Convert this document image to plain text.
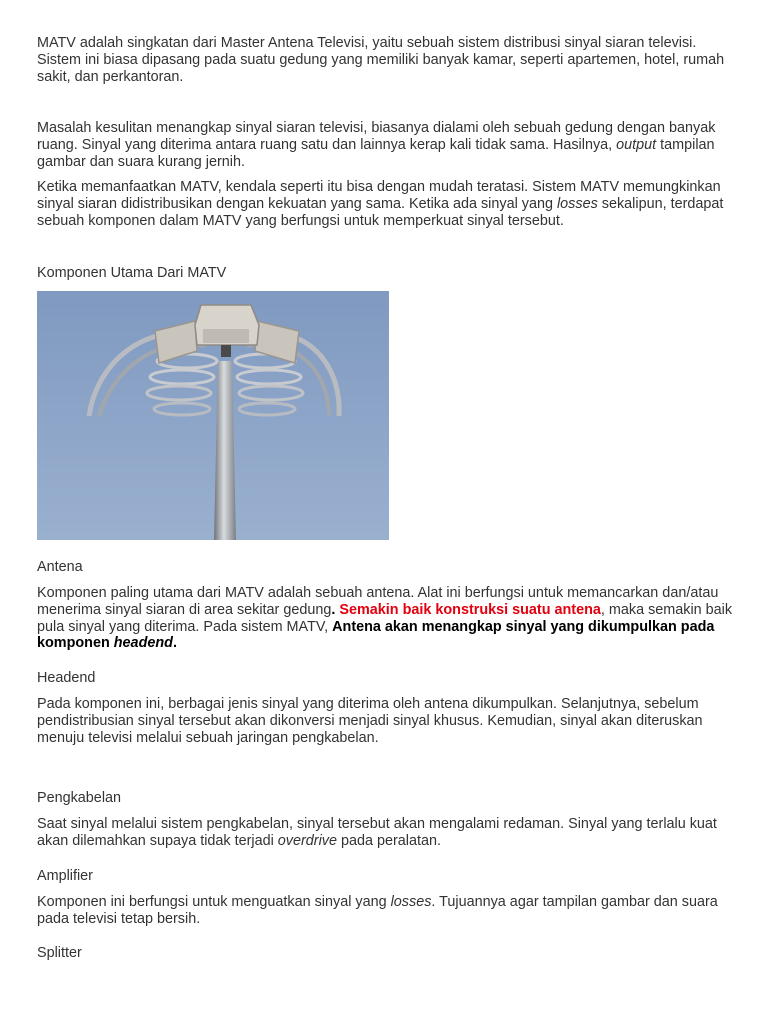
MATV adalah singkatan dari Master Antena Televisi, yaitu sebuah sistem distribusi sinyal siaran televisi. Sistem ini biasa dipasang pada suatu gedung yang memiliki banyak kamar, seperti apartemen, hotel, rumah sakit, dan perkantoran.

Masalah kesulitan menangkap sinyal siaran televisi, biasanya dialami oleh sebuah gedung dengan banyak ruang. Sinyal yang diterima antara ruang satu dan lainnya kerap kali tidak sama. Hasilnya, output tampilan gambar dan suara kurang jernih.

Ketika memanfaatkan MATV, kendala seperti itu bisa dengan mudah teratasi. Sistem MATV memungkinkan sinyal siaran didistribusikan dengan kekuatan yang sama. Ketika ada sinyal yang losses sekalipun, terdapat sebuah komponen dalam MATV yang berfungsi untuk memperkuat sinyal tersebut.

Komponen Utama Dari MATV

Antena

Komponen paling utama dari MATV adalah sebuah antena. Alat ini berfungsi untuk memancarkan dan/atau menerima sinyal siaran di area sekitar gedung. Semakin baik konstruksi suatu antena, maka semakin baik pula sinyal yang diterima. Pada sistem MATV, Antena akan menangkap sinyal yang dikumpulkan pada komponen headend.

Headend

Pada komponen ini, berbagai jenis sinyal yang diterima oleh antena dikumpulkan. Selanjutnya, sebelum pendistribusian sinyal tersebut akan dikonversi menjadi sinyal khusus. Kemudian, sinyal akan diteruskan menuju televisi melalui sebuah jaringan pengkabelan.

Pengkabelan

Saat sinyal melalui sistem pengkabelan, sinyal tersebut akan mengalami redaman. Sinyal yang terlalu kuat akan dilemahkan supaya tidak terjadi overdrive pada peralatan.

Amplifier

Komponen ini berfungsi untuk menguatkan sinyal yang losses. Tujuannya agar tampilan gambar dan suara pada televisi tetap bersih.

Splitter
